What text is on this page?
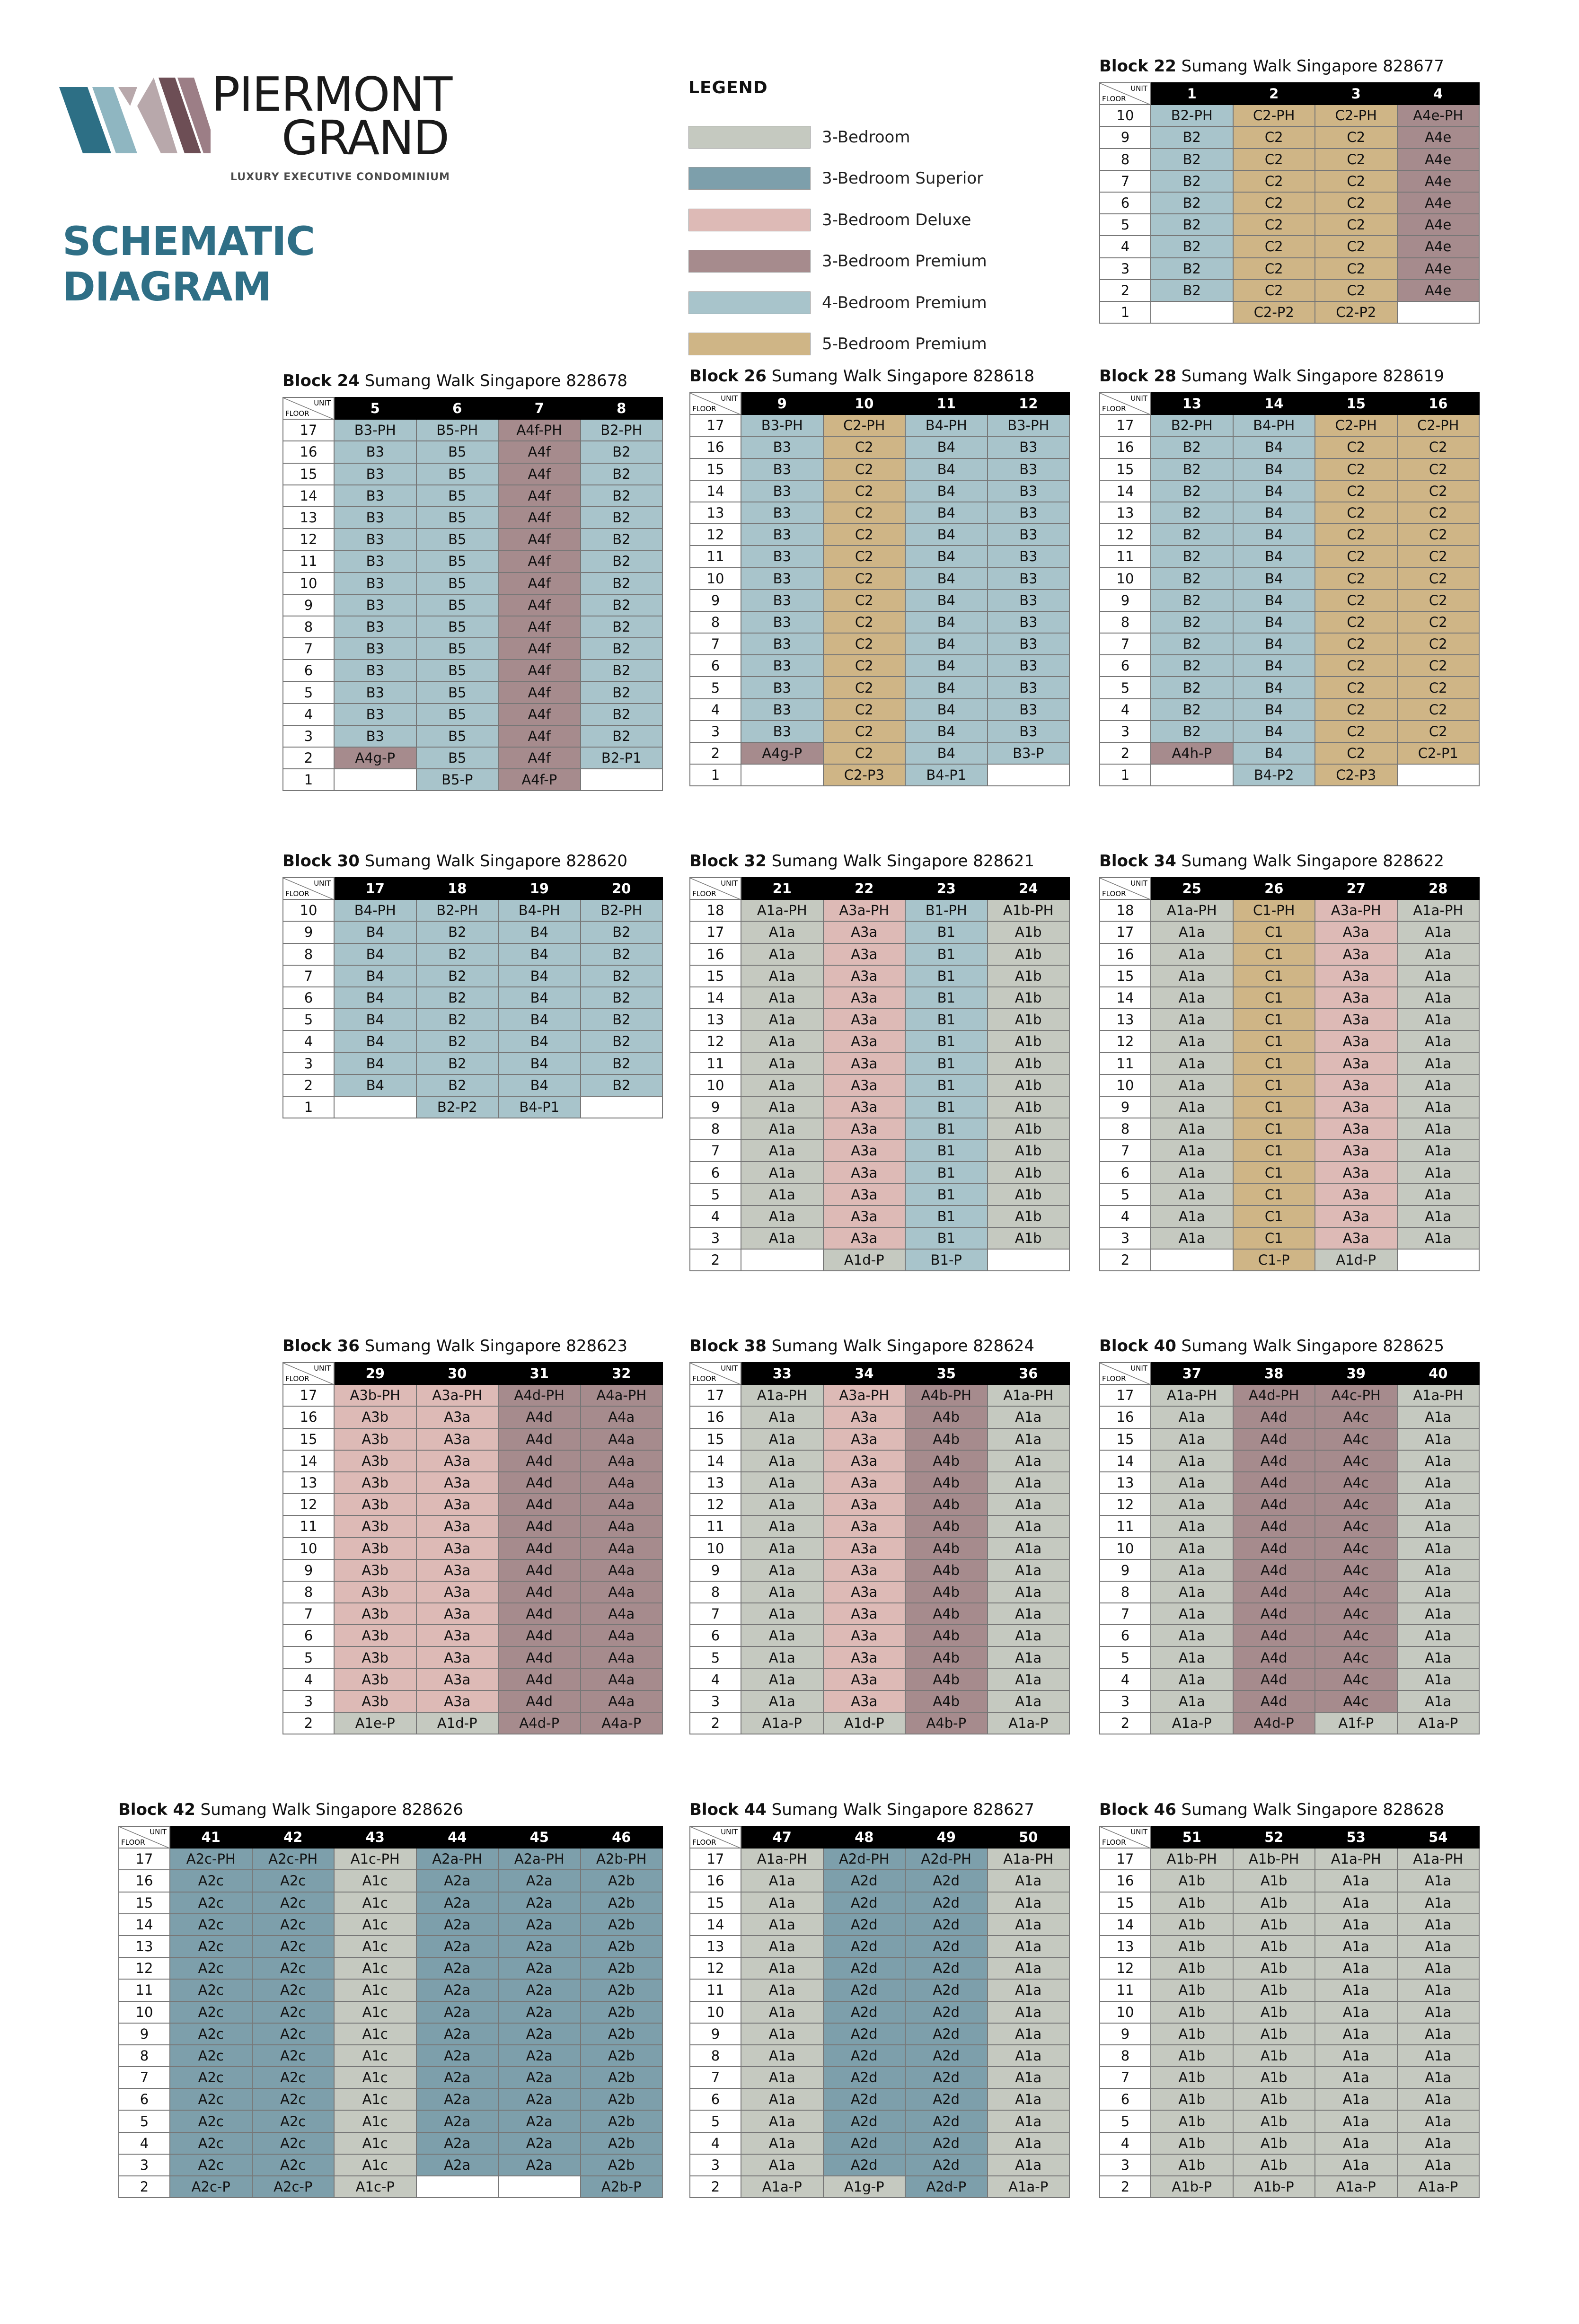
PIERMONT
GRAND
LUXURY EXECUTIVE CONDOMINIUM
SCHEMATIC
DIAGRAM
LEGEND
3-Bedroom
3-Bedroom Superior
3-Bedroom Deluxe
3-Bedroom Premium
4-Bedroom Premium
5-Bedroom Premium
Block 22 Sumang Walk Singapore 828677
UNIT
FLOOR	1	2	3	4
10	B2-PH	C2-PH	C2-PH	A4e-PH
9	B2	C2	C2	A4e
8	B2	C2	C2	A4e
7	B2	C2	C2	A4e
6	B2	C2	C2	A4e
5	B2	C2	C2	A4e
4	B2	C2	C2	A4e
3	B2	C2	C2	A4e
2	B2	C2	C2	A4e
1		C2-P2	C2-P2	
Block 24 Sumang Walk Singapore 828678
UNIT
FLOOR	5	6	7	8
17	B3-PH	B5-PH	A4f-PH	B2-PH
16	B3	B5	A4f	B2
15	B3	B5	A4f	B2
14	B3	B5	A4f	B2
13	B3	B5	A4f	B2
12	B3	B5	A4f	B2
11	B3	B5	A4f	B2
10	B3	B5	A4f	B2
9	B3	B5	A4f	B2
8	B3	B5	A4f	B2
7	B3	B5	A4f	B2
6	B3	B5	A4f	B2
5	B3	B5	A4f	B2
4	B3	B5	A4f	B2
3	B3	B5	A4f	B2
2	A4g-P	B5	A4f	B2-P1
1		B5-P	A4f-P	
Block 26 Sumang Walk Singapore 828618
UNIT
FLOOR	9	10	11	12
17	B3-PH	C2-PH	B4-PH	B3-PH
16	B3	C2	B4	B3
15	B3	C2	B4	B3
14	B3	C2	B4	B3
13	B3	C2	B4	B3
12	B3	C2	B4	B3
11	B3	C2	B4	B3
10	B3	C2	B4	B3
9	B3	C2	B4	B3
8	B3	C2	B4	B3
7	B3	C2	B4	B3
6	B3	C2	B4	B3
5	B3	C2	B4	B3
4	B3	C2	B4	B3
3	B3	C2	B4	B3
2	A4g-P	C2	B4	B3-P
1		C2-P3	B4-P1	
Block 28 Sumang Walk Singapore 828619
UNIT
FLOOR	13	14	15	16
17	B2-PH	B4-PH	C2-PH	C2-PH
16	B2	B4	C2	C2
15	B2	B4	C2	C2
14	B2	B4	C2	C2
13	B2	B4	C2	C2
12	B2	B4	C2	C2
11	B2	B4	C2	C2
10	B2	B4	C2	C2
9	B2	B4	C2	C2
8	B2	B4	C2	C2
7	B2	B4	C2	C2
6	B2	B4	C2	C2
5	B2	B4	C2	C2
4	B2	B4	C2	C2
3	B2	B4	C2	C2
2	A4h-P	B4	C2	C2-P1
1		B4-P2	C2-P3	
Block 30 Sumang Walk Singapore 828620
UNIT
FLOOR	17	18	19	20
10	B4-PH	B2-PH	B4-PH	B2-PH
9	B4	B2	B4	B2
8	B4	B2	B4	B2
7	B4	B2	B4	B2
6	B4	B2	B4	B2
5	B4	B2	B4	B2
4	B4	B2	B4	B2
3	B4	B2	B4	B2
2	B4	B2	B4	B2
1		B2-P2	B4-P1	
Block 32 Sumang Walk Singapore 828621
UNIT
FLOOR	21	22	23	24
18	A1a-PH	A3a-PH	B1-PH	A1b-PH
17	A1a	A3a	B1	A1b
16	A1a	A3a	B1	A1b
15	A1a	A3a	B1	A1b
14	A1a	A3a	B1	A1b
13	A1a	A3a	B1	A1b
12	A1a	A3a	B1	A1b
11	A1a	A3a	B1	A1b
10	A1a	A3a	B1	A1b
9	A1a	A3a	B1	A1b
8	A1a	A3a	B1	A1b
7	A1a	A3a	B1	A1b
6	A1a	A3a	B1	A1b
5	A1a	A3a	B1	A1b
4	A1a	A3a	B1	A1b
3	A1a	A3a	B1	A1b
2		A1d-P	B1-P	
Block 34 Sumang Walk Singapore 828622
UNIT
FLOOR	25	26	27	28
18	A1a-PH	C1-PH	A3a-PH	A1a-PH
17	A1a	C1	A3a	A1a
16	A1a	C1	A3a	A1a
15	A1a	C1	A3a	A1a
14	A1a	C1	A3a	A1a
13	A1a	C1	A3a	A1a
12	A1a	C1	A3a	A1a
11	A1a	C1	A3a	A1a
10	A1a	C1	A3a	A1a
9	A1a	C1	A3a	A1a
8	A1a	C1	A3a	A1a
7	A1a	C1	A3a	A1a
6	A1a	C1	A3a	A1a
5	A1a	C1	A3a	A1a
4	A1a	C1	A3a	A1a
3	A1a	C1	A3a	A1a
2		C1-P	A1d-P	
Block 36 Sumang Walk Singapore 828623
UNIT
FLOOR	29	30	31	32
17	A3b-PH	A3a-PH	A4d-PH	A4a-PH
16	A3b	A3a	A4d	A4a
15	A3b	A3a	A4d	A4a
14	A3b	A3a	A4d	A4a
13	A3b	A3a	A4d	A4a
12	A3b	A3a	A4d	A4a
11	A3b	A3a	A4d	A4a
10	A3b	A3a	A4d	A4a
9	A3b	A3a	A4d	A4a
8	A3b	A3a	A4d	A4a
7	A3b	A3a	A4d	A4a
6	A3b	A3a	A4d	A4a
5	A3b	A3a	A4d	A4a
4	A3b	A3a	A4d	A4a
3	A3b	A3a	A4d	A4a
2	A1e-P	A1d-P	A4d-P	A4a-P
Block 38 Sumang Walk Singapore 828624
UNIT
FLOOR	33	34	35	36
17	A1a-PH	A3a-PH	A4b-PH	A1a-PH
16	A1a	A3a	A4b	A1a
15	A1a	A3a	A4b	A1a
14	A1a	A3a	A4b	A1a
13	A1a	A3a	A4b	A1a
12	A1a	A3a	A4b	A1a
11	A1a	A3a	A4b	A1a
10	A1a	A3a	A4b	A1a
9	A1a	A3a	A4b	A1a
8	A1a	A3a	A4b	A1a
7	A1a	A3a	A4b	A1a
6	A1a	A3a	A4b	A1a
5	A1a	A3a	A4b	A1a
4	A1a	A3a	A4b	A1a
3	A1a	A3a	A4b	A1a
2	A1a-P	A1d-P	A4b-P	A1a-P
Block 40 Sumang Walk Singapore 828625
UNIT
FLOOR	37	38	39	40
17	A1a-PH	A4d-PH	A4c-PH	A1a-PH
16	A1a	A4d	A4c	A1a
15	A1a	A4d	A4c	A1a
14	A1a	A4d	A4c	A1a
13	A1a	A4d	A4c	A1a
12	A1a	A4d	A4c	A1a
11	A1a	A4d	A4c	A1a
10	A1a	A4d	A4c	A1a
9	A1a	A4d	A4c	A1a
8	A1a	A4d	A4c	A1a
7	A1a	A4d	A4c	A1a
6	A1a	A4d	A4c	A1a
5	A1a	A4d	A4c	A1a
4	A1a	A4d	A4c	A1a
3	A1a	A4d	A4c	A1a
2	A1a-P	A4d-P	A1f-P	A1a-P
Block 42 Sumang Walk Singapore 828626
UNIT
FLOOR	41	42	43	44	45	46
17	A2c-PH	A2c-PH	A1c-PH	A2a-PH	A2a-PH	A2b-PH
16	A2c	A2c	A1c	A2a	A2a	A2b
15	A2c	A2c	A1c	A2a	A2a	A2b
14	A2c	A2c	A1c	A2a	A2a	A2b
13	A2c	A2c	A1c	A2a	A2a	A2b
12	A2c	A2c	A1c	A2a	A2a	A2b
11	A2c	A2c	A1c	A2a	A2a	A2b
10	A2c	A2c	A1c	A2a	A2a	A2b
9	A2c	A2c	A1c	A2a	A2a	A2b
8	A2c	A2c	A1c	A2a	A2a	A2b
7	A2c	A2c	A1c	A2a	A2a	A2b
6	A2c	A2c	A1c	A2a	A2a	A2b
5	A2c	A2c	A1c	A2a	A2a	A2b
4	A2c	A2c	A1c	A2a	A2a	A2b
3	A2c	A2c	A1c	A2a	A2a	A2b
2	A2c-P	A2c-P	A1c-P			A2b-P
Block 44 Sumang Walk Singapore 828627
UNIT
FLOOR	47	48	49	50
17	A1a-PH	A2d-PH	A2d-PH	A1a-PH
16	A1a	A2d	A2d	A1a
15	A1a	A2d	A2d	A1a
14	A1a	A2d	A2d	A1a
13	A1a	A2d	A2d	A1a
12	A1a	A2d	A2d	A1a
11	A1a	A2d	A2d	A1a
10	A1a	A2d	A2d	A1a
9	A1a	A2d	A2d	A1a
8	A1a	A2d	A2d	A1a
7	A1a	A2d	A2d	A1a
6	A1a	A2d	A2d	A1a
5	A1a	A2d	A2d	A1a
4	A1a	A2d	A2d	A1a
3	A1a	A2d	A2d	A1a
2	A1a-P	A1g-P	A2d-P	A1a-P
Block 46 Sumang Walk Singapore 828628
UNIT
FLOOR	51	52	53	54
17	A1b-PH	A1b-PH	A1a-PH	A1a-PH
16	A1b	A1b	A1a	A1a
15	A1b	A1b	A1a	A1a
14	A1b	A1b	A1a	A1a
13	A1b	A1b	A1a	A1a
12	A1b	A1b	A1a	A1a
11	A1b	A1b	A1a	A1a
10	A1b	A1b	A1a	A1a
9	A1b	A1b	A1a	A1a
8	A1b	A1b	A1a	A1a
7	A1b	A1b	A1a	A1a
6	A1b	A1b	A1a	A1a
5	A1b	A1b	A1a	A1a
4	A1b	A1b	A1a	A1a
3	A1b	A1b	A1a	A1a
2	A1b-P	A1b-P	A1a-P	A1a-P
